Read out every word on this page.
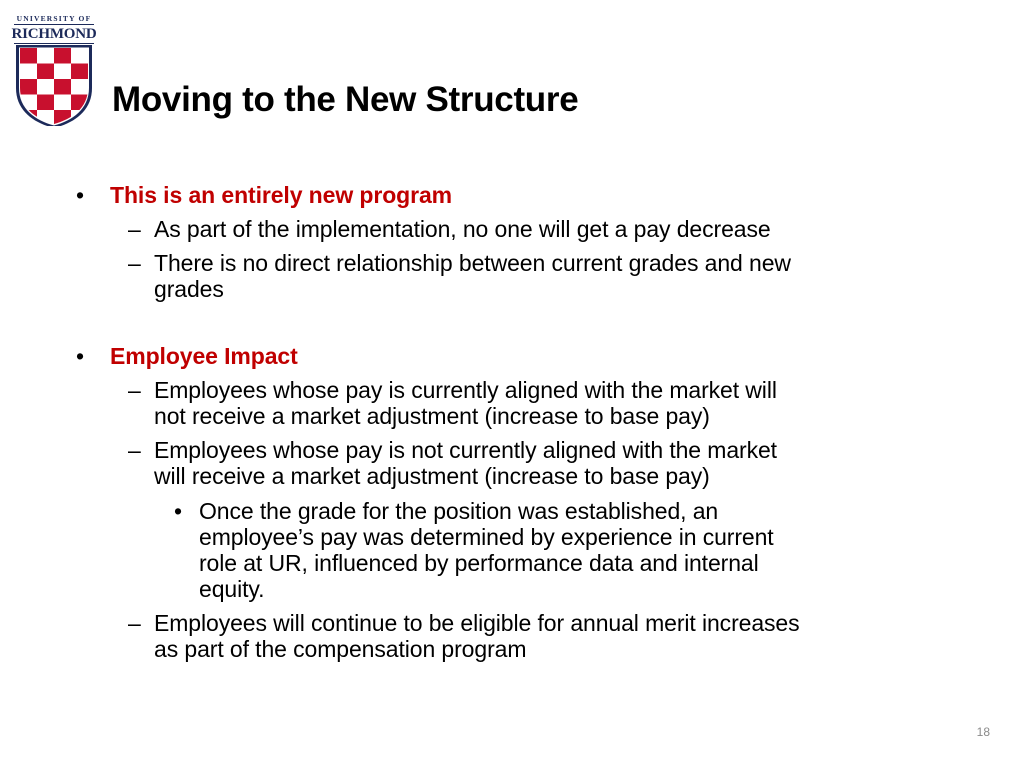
UNIVERSITY OF
RICHMOND
Moving to the New Structure
• This is an entirely new program
– As part of the implementation, no one will get a pay decrease
– There is no direct relationship between current grades and new
grades
• Employee Impact
– Employees whose pay is currently aligned with the market will
not receive a market adjustment (increase to base pay)
– Employees whose pay is not currently aligned with the market
will receive a market adjustment (increase to base pay)
• Once the grade for the position was established, an
employee’s pay was determined by experience in current
role at UR, influenced by performance data and internal
equity.
– Employees will continue to be eligible for annual merit increases
as part of the compensation program
18
